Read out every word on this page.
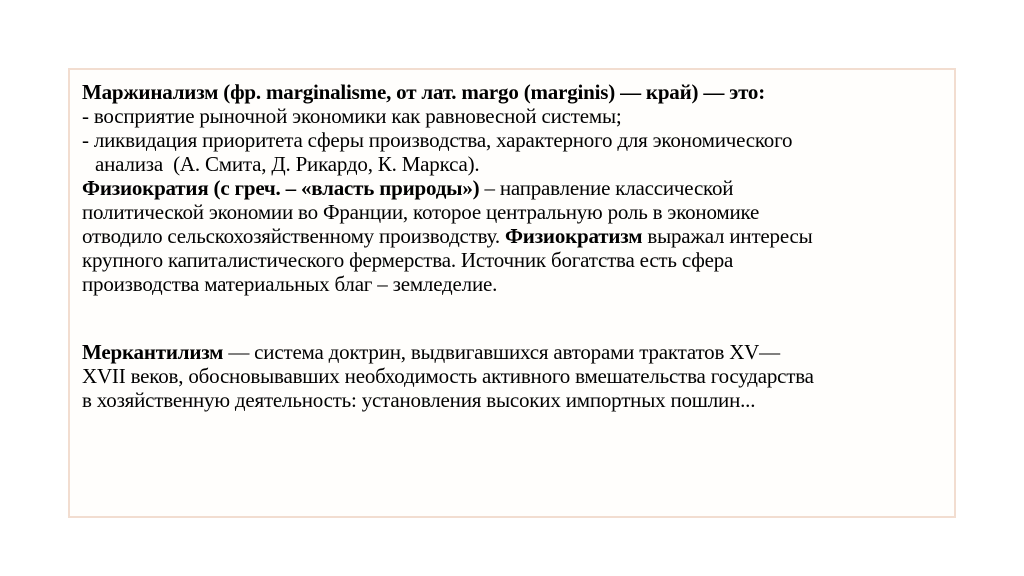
Маржинализм (фр. marginalisme, от лат. margo (marginis) — край) — это:
- восприятие рыночной экономики как равновесной системы;
- ликвидация приоритета сферы производства, характерного для экономического
анализа  (А. Смита, Д. Рикардо, К. Маркса).
Физиократия (с греч. – «власть природы») – направление классической
политической экономии во Франции, которое центральную роль в экономике
отводило сельскохозяйственному производству. Физиократизм выражал интересы
крупного капиталистического фермерства. Источник богатства есть сфера
производства материальных благ – земледелие.
Меркантилизм — система доктрин, выдвигавшихся авторами трактатов XV—
XVII веков, обосновывавших необходимость активного вмешательства государства
в хозяйственную деятельность: установления высоких импортных пошлин...
